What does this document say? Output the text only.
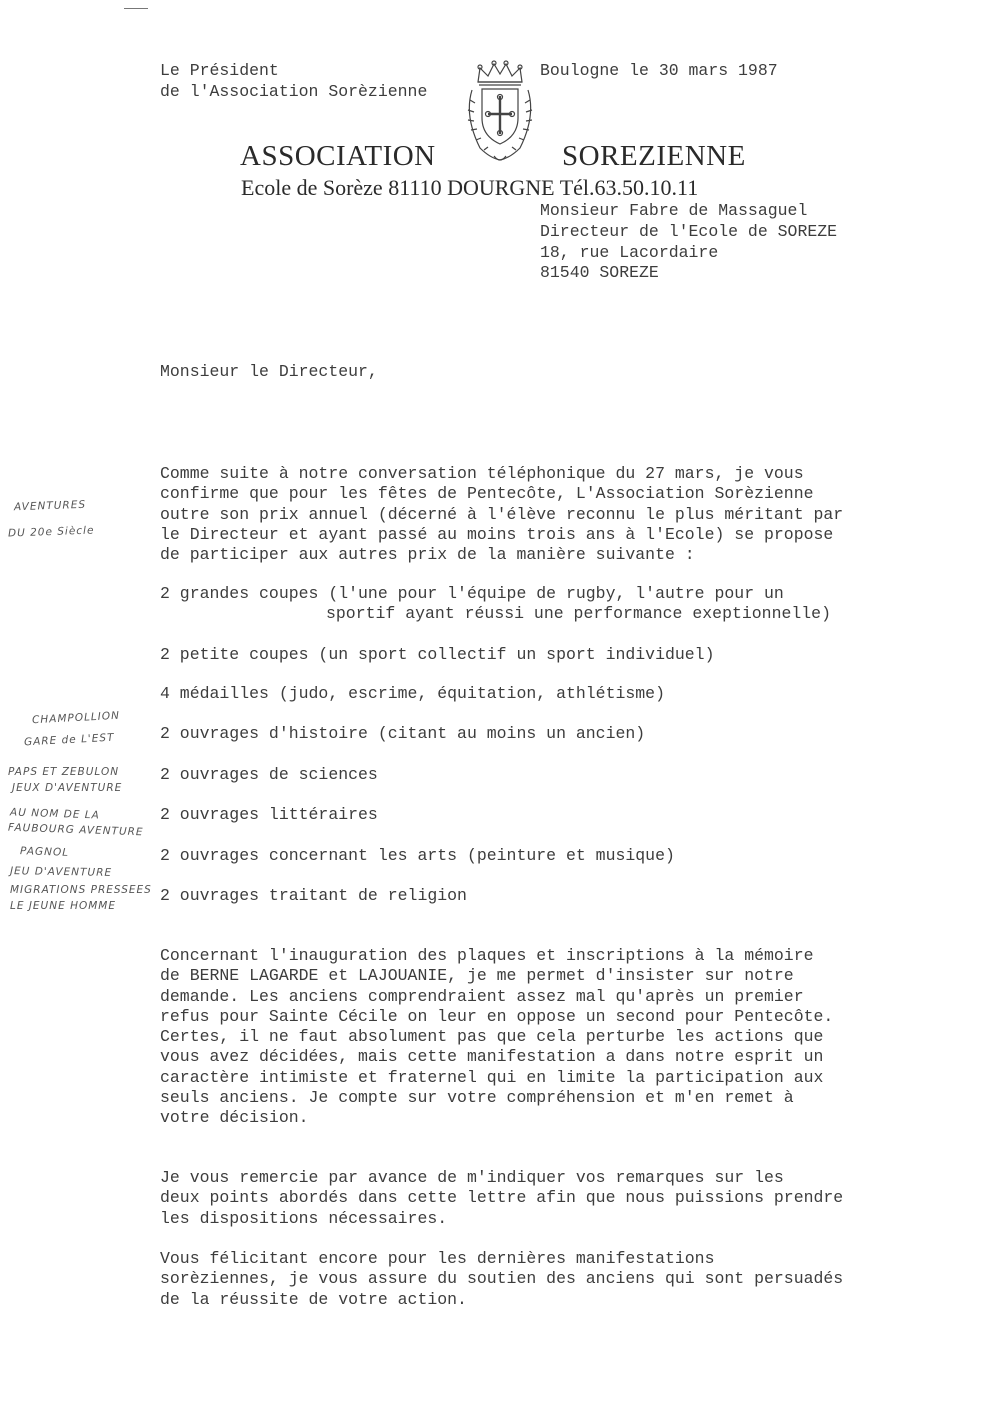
Le Président
de l'Association Sorèzienne
Boulogne le 30 mars 1987
ASSOCIATION	SOREZIENNE
Ecole de Sorèze 81110 DOURGNE Tél.63.50.10.11
Monsieur Fabre de Massaguel
Directeur de l'Ecole de SOREZE
18, rue Lacordaire
81540 SOREZE
Monsieur le Directeur,
Comme suite à notre conversation téléphonique du 27 mars, je vous
confirme que pour les fêtes de Pentecôte, L'Association Sorèzienne
outre son prix annuel (décerné à l'élève reconnu le plus méritant par
le Directeur et ayant passé au moins trois ans à l'Ecole) se propose
de participer aux autres prix de la manière suivante :
2 grandes coupes (l'une pour l'équipe de rugby, l'autre pour un
sportif ayant réussi une performance exeptionnelle)
2 petite coupes (un sport collectif un sport individuel)
4 médailles (judo, escrime, équitation, athlétisme)
2 ouvrages d'histoire (citant au moins un ancien)
2 ouvrages de sciences
2 ouvrages littéraires
2 ouvrages concernant les arts (peinture et musique)
2 ouvrages traitant de religion
Concernant l'inauguration des plaques et inscriptions à la mémoire
de BERNE LAGARDE et LAJOUANIE, je me permet d'insister sur notre
demande. Les anciens comprendraient assez mal qu'après un premier
refus pour Sainte Cécile on leur en oppose un second pour Pentecôte.
Certes, il ne faut absolument pas que cela perturbe les actions que
vous avez décidées, mais cette manifestation a dans notre esprit un
caractère intimiste et fraternel qui en limite la participation aux
seuls anciens. Je compte sur votre compréhension et m'en remet à
votre décision.
Je vous remercie par avance de m'indiquer vos remarques sur les
deux points abordés dans cette lettre afin que nous puissions prendre
les dispositions nécessaires.
Vous félicitant encore pour les dernières manifestations
sorèziennes, je vous assure du soutien des anciens qui sont persuadés
de la réussite de votre action.
AVENTURES
DU 20e Siècle
CHAMPOLLION
GARE de L'EST
PAPS ET ZEBULON
JEUX D'AVENTURE
AU NOM DE LA
FAUBOURG AVENTURE
PAGNOL
JEU D'AVENTURE
MIGRATIONS PRESSEES
LE JEUNE HOMME
